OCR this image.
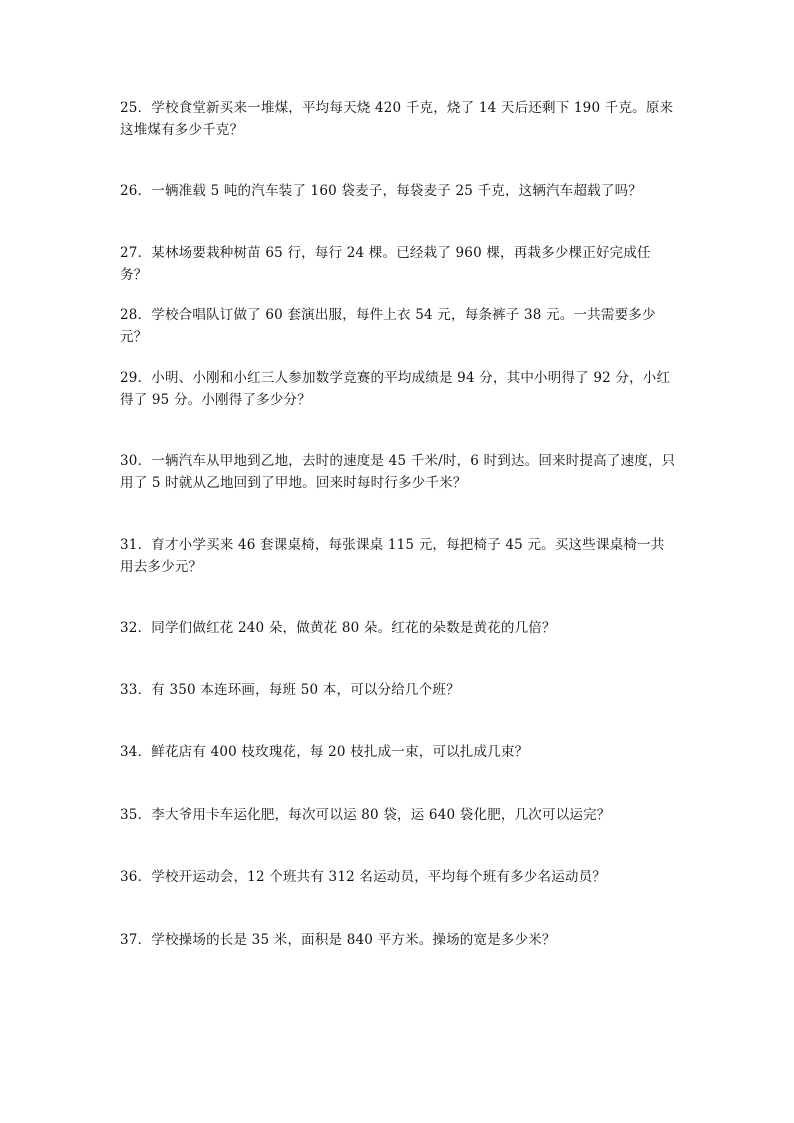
25．学校食堂新买来一堆煤，平均每天烧 420 千克，烧了 14 天后还剩下 190 千克。原来这堆煤有多少千克？

26．一辆准载 5 吨的汽车装了 160 袋麦子，每袋麦子 25 千克，这辆汽车超载了吗？

27．某林场要栽种树苗 65 行，每行 24 棵。已经栽了 960 棵，再栽多少棵正好完成任务？

28．学校合唱队订做了 60 套演出服，每件上衣 54 元，每条裤子 38 元。一共需要多少元？

29．小明、小刚和小红三人参加数学竞赛的平均成绩是 94 分，其中小明得了 92 分，小红得了 95 分。小刚得了多少分？

30．一辆汽车从甲地到乙地，去时的速度是 45 千米/时，6 时到达。回来时提高了速度，只用了 5 时就从乙地回到了甲地。回来时每时行多少千米？

31．育才小学买来 46 套课桌椅，每张课桌 115 元，每把椅子 45 元。买这些课桌椅一共用去多少元？

32．同学们做红花 240 朵，做黄花 80 朵。红花的朵数是黄花的几倍？

33．有 350 本连环画，每班 50 本，可以分给几个班？

34．鲜花店有 400 枝玫瑰花，每 20 枝扎成一束，可以扎成几束？

35．李大爷用卡车运化肥，每次可以运 80 袋，运 640 袋化肥，几次可以运完？

36．学校开运动会，12 个班共有 312 名运动员，平均每个班有多少名运动员？

37．学校操场的长是 35 米，面积是 840 平方米。操场的宽是多少米？
